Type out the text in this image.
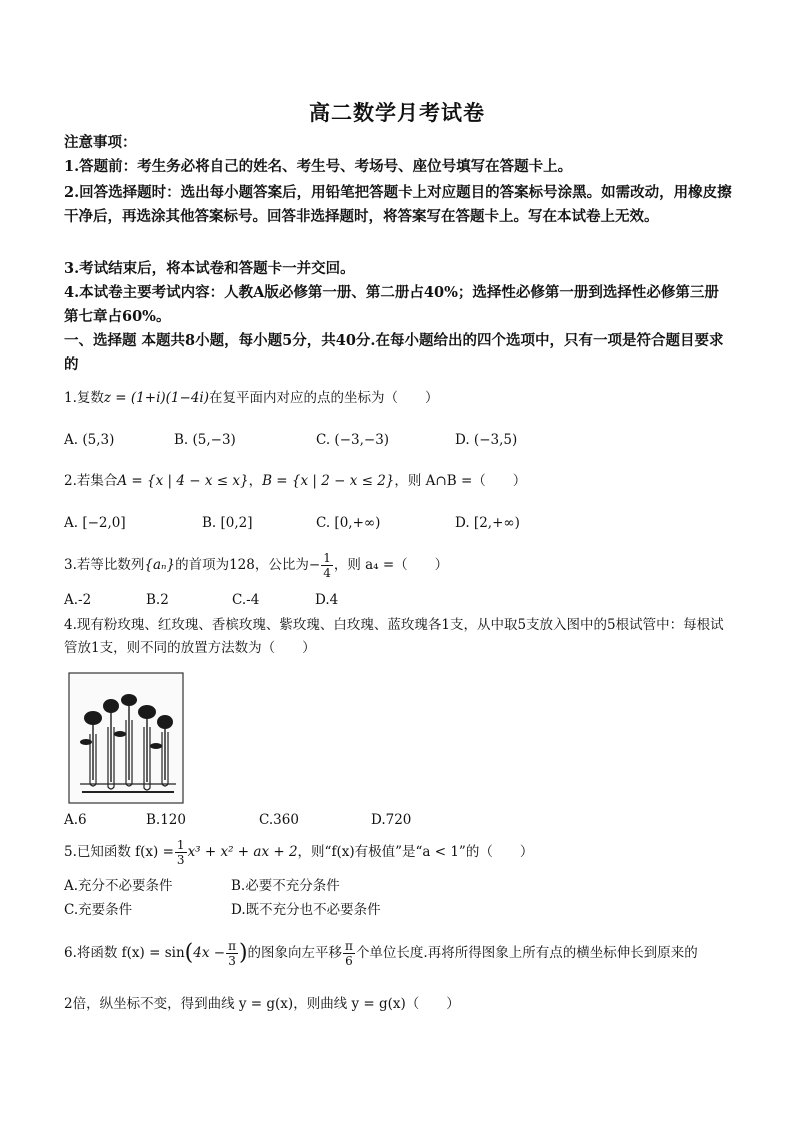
高二数学月考试卷
注意事项：
1.答题前：考生务必将自己的姓名、考生号、考场号、座位号填写在答题卡上。
2.回答选择题时：选出每小题答案后，用铅笔把答题卡上对应题目的答案标号涂黑。如需改动，用橡皮擦干净后，再选涂其他答案标号。回答非选择题时，将答案写在答题卡上。写在本试卷上无效。
3.考试结束后，将本试卷和答题卡一并交回。
4.本试卷主要考试内容：人教A版必修第一册、第二册占40%；选择性必修第一册到选择性必修第三册第七章占60%。
一、选择题 本题共8小题，每小题5分，共40分.在每小题给出的四个选项中，只有一项是符合题目要求的
1.复数z = (1+i)(1−4i)在复平面内对应的点的坐标为（　　）
A. (5,3)	B. (5,−3)	C. (−3,−3)	D. (−3,5)
2.若集合A = {x | 4 − x ≤ x}，B = {x | 2 − x ≤ 2}，则 A∩B =（　　）
A. [−2,0]	B. [0,2]	C. [0,+∞)	D. [2,+∞)
3.若等比数列{aₙ}的首项为128，公比为− $\frac{1}{4}$ ，则 a₄ =（　　）
A.-2	B.2	C.-4	D.4
4.现有粉玫瑰、红玫瑰、香槟玫瑰、紫玫瑰、白玫瑰、蓝玫瑰各1支，从中取5支放入图中的5根试管中：每根试管放1支，则不同的放置方法数为（　　）
A.6	B.120	C.360	D.720
5.已知函数 $f(x) = \frac{1}{3} x^3 + x^2$ + ax + 2，则“f(x)有极值”是“a < 1”的（　　）
A.充分不必要条件	B.必要不充分条件
C.充要条件	D.既不充分也不必要条件
6.将函数 $f(x) = \sin(4x - \frac{\pi}{3}$ )的图象向左平移 $\frac{\pi}{6}$ 个单位长度.再将所得图象上所有点的横坐标伸长到原来的
2倍，纵坐标不变，得到曲线 y = g(x)，则曲线 y = g(x)（　　）
